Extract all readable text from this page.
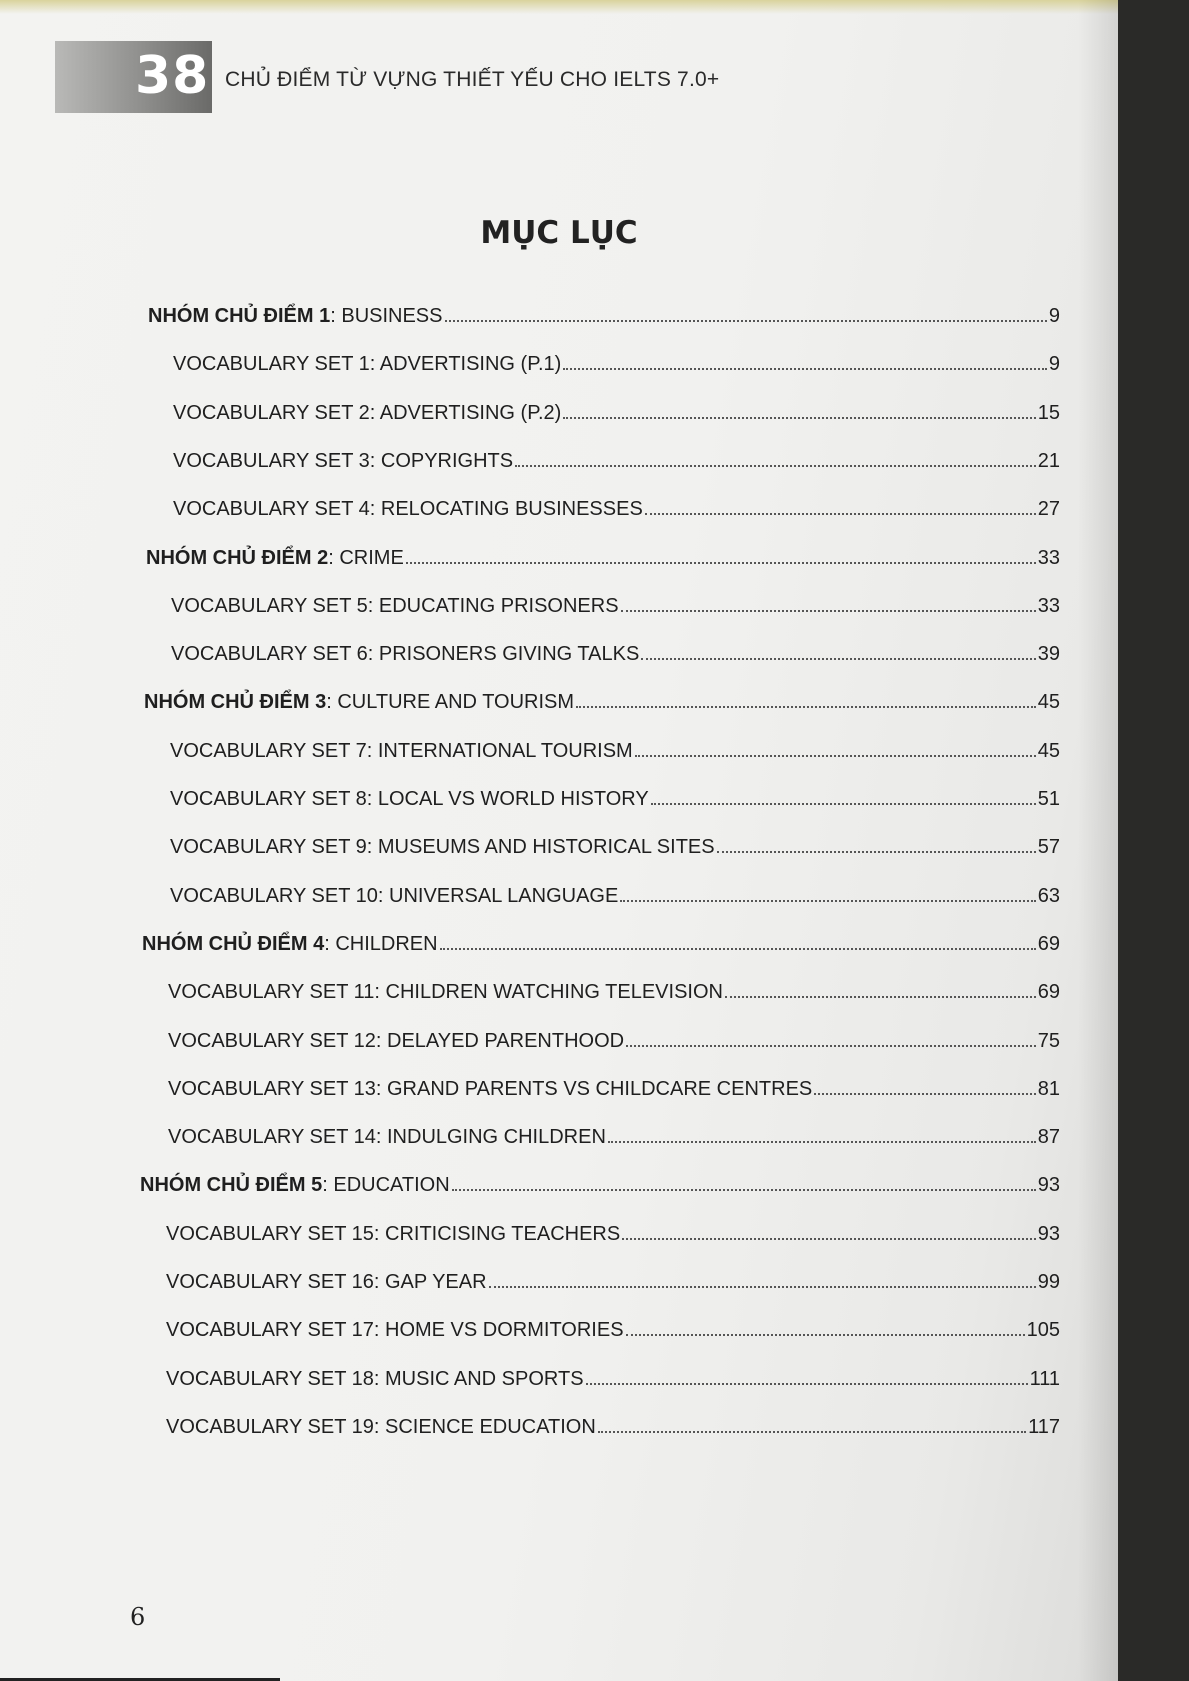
38 CHỦ ĐIỂM TỪ VỰNG THIẾT YẾU CHO IELTS 7.0+
MỤC LỤC
NHÓM CHỦ ĐIỂM 1 : BUSINESS	9
VOCABULARY SET 1: ADVERTISING (P.1)	9
VOCABULARY SET 2: ADVERTISING (P.2)	15
VOCABULARY SET 3: COPYRIGHTS	21
VOCABULARY SET 4: RELOCATING BUSINESSES	27
NHÓM CHỦ ĐIỂM 2 : CRIME	33
VOCABULARY SET 5: EDUCATING PRISONERS	33
VOCABULARY SET 6: PRISONERS GIVING TALKS	39
NHÓM CHỦ ĐIỂM 3 : CULTURE AND TOURISM	45
VOCABULARY SET 7: INTERNATIONAL TOURISM	45
VOCABULARY SET 8: LOCAL VS WORLD HISTORY	51
VOCABULARY SET 9: MUSEUMS AND HISTORICAL SITES	57
VOCABULARY SET 10: UNIVERSAL LANGUAGE	63
NHÓM CHỦ ĐIỂM 4 : CHILDREN	69
VOCABULARY SET 11: CHILDREN WATCHING TELEVISION	69
VOCABULARY SET 12: DELAYED PARENTHOOD	75
VOCABULARY SET 13: GRAND PARENTS VS CHILDCARE CENTRES	81
VOCABULARY SET 14: INDULGING CHILDREN	87
NHÓM CHỦ ĐIỂM 5 : EDUCATION	93
VOCABULARY SET 15: CRITICISING TEACHERS	93
VOCABULARY SET 16: GAP YEAR	99
VOCABULARY SET 17: HOME VS DORMITORIES	105
VOCABULARY SET 18: MUSIC AND SPORTS	111
VOCABULARY SET 19: SCIENCE EDUCATION	117
6
